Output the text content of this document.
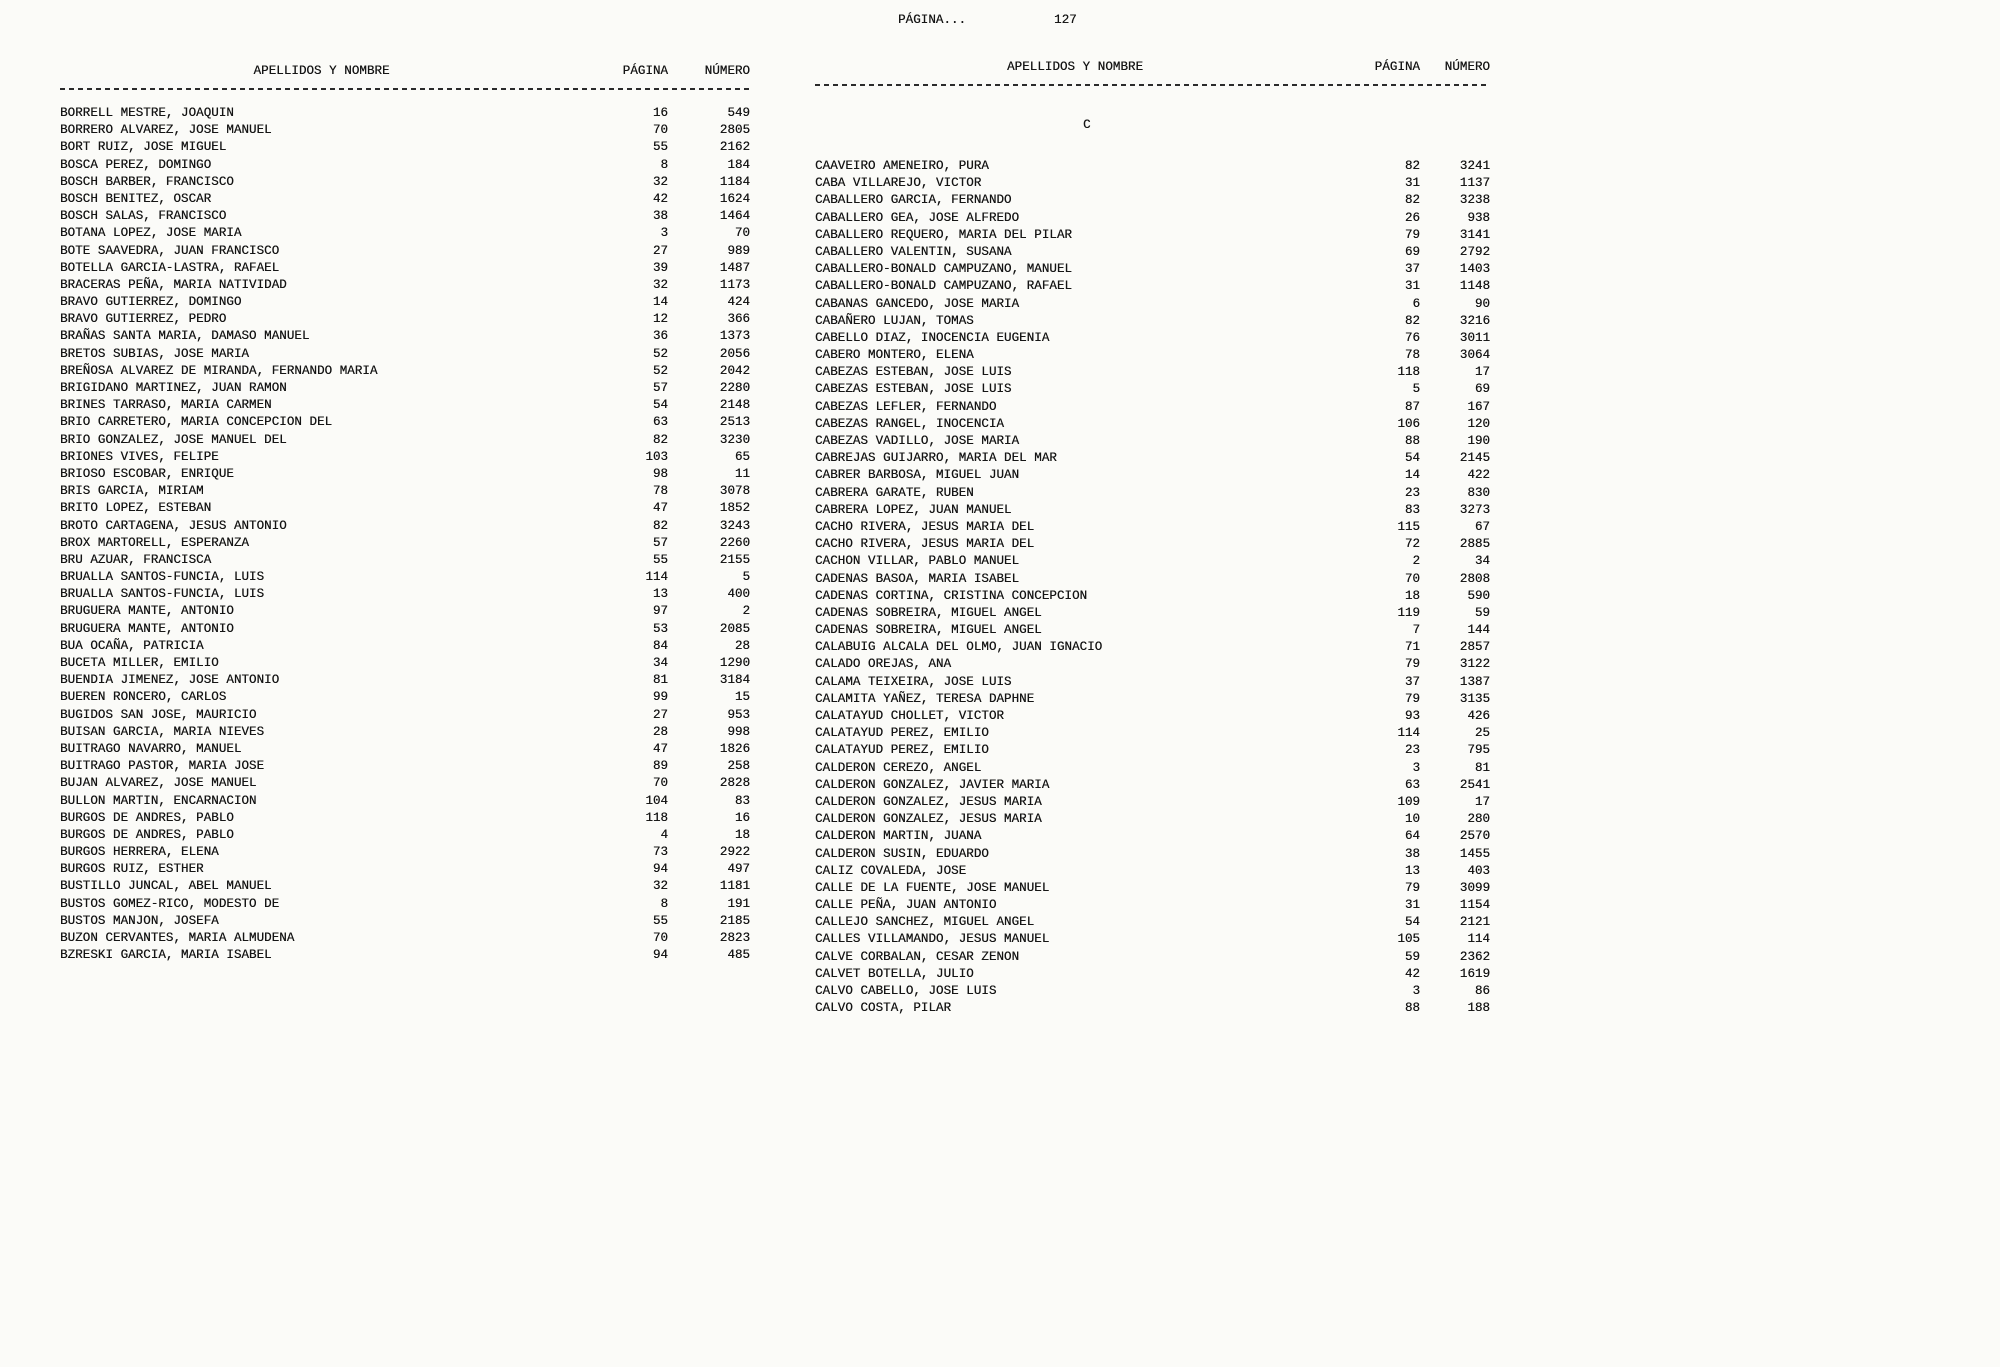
PÁGINA...	127
APELLIDOS Y NOMBRE	PÁGINA	NÚMERO
BORRELL MESTRE, JOAQUIN	16	549
BORRERO ALVAREZ, JOSE MANUEL	70	2805
BORT RUIZ, JOSE MIGUEL	55	2162
BOSCA PEREZ, DOMINGO	8	184
BOSCH BARBER, FRANCISCO	32	1184
BOSCH BENITEZ, OSCAR	42	1624
BOSCH SALAS, FRANCISCO	38	1464
BOTANA LOPEZ, JOSE MARIA	3	70
BOTE SAAVEDRA, JUAN FRANCISCO	27	989
BOTELLA GARCIA-LASTRA, RAFAEL	39	1487
BRACERAS PEÑA, MARIA NATIVIDAD	32	1173
BRAVO GUTIERREZ, DOMINGO	14	424
BRAVO GUTIERREZ, PEDRO	12	366
BRAÑAS SANTA MARIA, DAMASO MANUEL	36	1373
BRETOS SUBIAS, JOSE MARIA	52	2056
BREÑOSA ALVAREZ DE MIRANDA, FERNANDO MARIA	52	2042
BRIGIDANO MARTINEZ, JUAN RAMON	57	2280
BRINES TARRASO, MARIA CARMEN	54	2148
BRIO CARRETERO, MARIA CONCEPCION DEL	63	2513
BRIO GONZALEZ, JOSE MANUEL DEL	82	3230
BRIONES VIVES, FELIPE	103	65
BRIOSO ESCOBAR, ENRIQUE	98	11
BRIS GARCIA, MIRIAM	78	3078
BRITO LOPEZ, ESTEBAN	47	1852
BROTO CARTAGENA, JESUS ANTONIO	82	3243
BROX MARTORELL, ESPERANZA	57	2260
BRU AZUAR, FRANCISCA	55	2155
BRUALLA SANTOS-FUNCIA, LUIS	114	5
BRUALLA SANTOS-FUNCIA, LUIS	13	400
BRUGUERA MANTE, ANTONIO	97	2
BRUGUERA MANTE, ANTONIO	53	2085
BUA OCAÑA, PATRICIA	84	28
BUCETA MILLER, EMILIO	34	1290
BUENDIA JIMENEZ, JOSE ANTONIO	81	3184
BUEREN RONCERO, CARLOS	99	15
BUGIDOS SAN JOSE, MAURICIO	27	953
BUISAN GARCIA, MARIA NIEVES	28	998
BUITRAGO NAVARRO, MANUEL	47	1826
BUITRAGO PASTOR, MARIA JOSE	89	258
BUJAN ALVAREZ, JOSE MANUEL	70	2828
BULLON MARTIN, ENCARNACION	104	83
BURGOS DE ANDRES, PABLO	118	16
BURGOS DE ANDRES, PABLO	4	18
BURGOS HERRERA, ELENA	73	2922
BURGOS RUIZ, ESTHER	94	497
BUSTILLO JUNCAL, ABEL MANUEL	32	1181
BUSTOS GOMEZ-RICO, MODESTO DE	8	191
BUSTOS MANJON, JOSEFA	55	2185
BUZON CERVANTES, MARIA ALMUDENA	70	2823
BZRESKI GARCIA, MARIA ISABEL	94	485
APELLIDOS Y NOMBRE	PÁGINA	NÚMERO
C
CAAVEIRO AMENEIRO, PURA	82	3241
CABA VILLAREJO, VICTOR	31	1137
CABALLERO GARCIA, FERNANDO	82	3238
CABALLERO GEA, JOSE ALFREDO	26	938
CABALLERO REQUERO, MARIA DEL PILAR	79	3141
CABALLERO VALENTIN, SUSANA	69	2792
CABALLERO-BONALD CAMPUZANO, MANUEL	37	1403
CABALLERO-BONALD CAMPUZANO, RAFAEL	31	1148
CABANAS GANCEDO, JOSE MARIA	6	90
CABAÑERO LUJAN, TOMAS	82	3216
CABELLO DIAZ, INOCENCIA EUGENIA	76	3011
CABERO MONTERO, ELENA	78	3064
CABEZAS ESTEBAN, JOSE LUIS	118	17
CABEZAS ESTEBAN, JOSE LUIS	5	69
CABEZAS LEFLER, FERNANDO	87	167
CABEZAS RANGEL, INOCENCIA	106	120
CABEZAS VADILLO, JOSE MARIA	88	190
CABREJAS GUIJARRO, MARIA DEL MAR	54	2145
CABRER BARBOSA, MIGUEL JUAN	14	422
CABRERA GARATE, RUBEN	23	830
CABRERA LOPEZ, JUAN MANUEL	83	3273
CACHO RIVERA, JESUS MARIA DEL	115	67
CACHO RIVERA, JESUS MARIA DEL	72	2885
CACHON VILLAR, PABLO MANUEL	2	34
CADENAS BASOA, MARIA ISABEL	70	2808
CADENAS CORTINA, CRISTINA CONCEPCION	18	590
CADENAS SOBREIRA, MIGUEL ANGEL	119	59
CADENAS SOBREIRA, MIGUEL ANGEL	7	144
CALABUIG ALCALA DEL OLMO, JUAN IGNACIO	71	2857
CALADO OREJAS, ANA	79	3122
CALAMA TEIXEIRA, JOSE LUIS	37	1387
CALAMITA YAÑEZ, TERESA DAPHNE	79	3135
CALATAYUD CHOLLET, VICTOR	93	426
CALATAYUD PEREZ, EMILIO	114	25
CALATAYUD PEREZ, EMILIO	23	795
CALDERON CEREZO, ANGEL	3	81
CALDERON GONZALEZ, JAVIER MARIA	63	2541
CALDERON GONZALEZ, JESUS MARIA	109	17
CALDERON GONZALEZ, JESUS MARIA	10	280
CALDERON MARTIN, JUANA	64	2570
CALDERON SUSIN, EDUARDO	38	1455
CALIZ COVALEDA, JOSE	13	403
CALLE DE LA FUENTE, JOSE MANUEL	79	3099
CALLE PEÑA, JUAN ANTONIO	31	1154
CALLEJO SANCHEZ, MIGUEL ANGEL	54	2121
CALLES VILLAMANDO, JESUS MANUEL	105	114
CALVE CORBALAN, CESAR ZENON	59	2362
CALVET BOTELLA, JULIO	42	1619
CALVO CABELLO, JOSE LUIS	3	86
CALVO COSTA, PILAR	88	188
